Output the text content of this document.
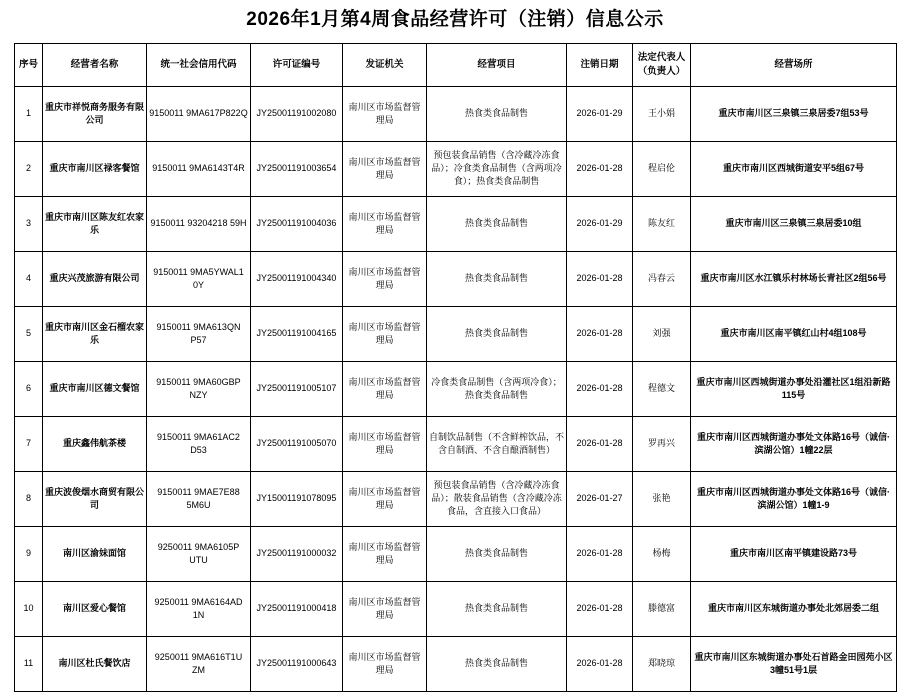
2026年1月第4周食品经营许可（注销）信息公示
序号	经营者名称	统一社会信用代码	许可证编号	发证机关	经营项目	注销日期	法定代表人（负责人）	经营场所
1	重庆市祥悦商务服务有限公司	9150011 9MA617P822Q	JY25001191002080	南川区市场监督管理局	热食类食品制售	2026-01-29	王小娟	重庆市南川区三泉镇三泉居委7组53号
2	重庆市南川区禄客餐馆	9150011 9MA6143T4R	JY25001191003654	南川区市场监督管理局	预包装食品销售（含冷藏冷冻食品）；冷食类食品制售（含两项冷食）；热食类食品制售	2026-01-28	程启伦	重庆市南川区西城街道安平5组67号
3	重庆市南川区陈友红农家乐	9150011 93204218 59H	JY25001191004036	南川区市场监督管理局	热食类食品制售	2026-01-29	陈友红	重庆市南川区三泉镇三泉居委10组
4	重庆兴茂旅游有限公司	9150011 9MA5YWAL1 0Y	JY25001191004340	南川区市场监督管理局	热食类食品制售	2026-01-28	冯春云	重庆市南川区水江镇乐村林场长青社区2组56号
5	重庆市南川区金石榴农家乐	9150011 9MA613QN P57	JY25001191004165	南川区市场监督管理局	热食类食品制售	2026-01-28	刘强	重庆市南川区南平镇红山村4组108号
6	重庆市南川区德文餐馆	9150011 9MA60GBP NZY	JY25001191005107	南川区市场监督管理局	冷食类食品制售（含两项冷食）；热食类食品制售	2026-01-28	程德文	重庆市南川区西城街道办事处沿灌社区1组沿新路115号
7	重庆鑫伟航茶楼	9150011 9MA61AC2 D53	JY25001191005070	南川区市场监督管理局	自制饮品制售（不含鲜榨饮品，不含自制酒、不含自酿酒制售）	2026-01-28	罗再兴	重庆市南川区西城街道办事处文体路16号（诚信·滨湖公馆）1幢22层
8	重庆波俊烟水商贸有限公司	9150011 9MAE7E88 5M6U	JY15001191078095	南川区市场监督管理局	预包装食品销售（含冷藏冷冻食品）；散装食品销售（含冷藏冷冻食品，含直接入口食品）	2026-01-27	张艳	重庆市南川区西城街道办事处文体路16号（诚信·滨湖公馆）1幢1-9
9	南川区渝妹面馆	9250011 9MA6105P UTU	JY25001191000032	南川区市场监督管理局	热食类食品制售	2026-01-28	杨梅	重庆市南川区南平镇建设路73号
10	南川区爱心餐馆	9250011 9MA6164AD 1N	JY25001191000418	南川区市场监督管理局	热食类食品制售	2026-01-28	滕德富	重庆市南川区东城街道办事处北郊居委二组
11	南川区杜氏餐饮店	9250011 9MA616T1U ZM	JY25001191000643	南川区市场监督管理局	热食类食品制售	2026-01-28	郑晓琼	重庆市南川区东城街道办事处石首路金田园苑小区3幢51号1层
